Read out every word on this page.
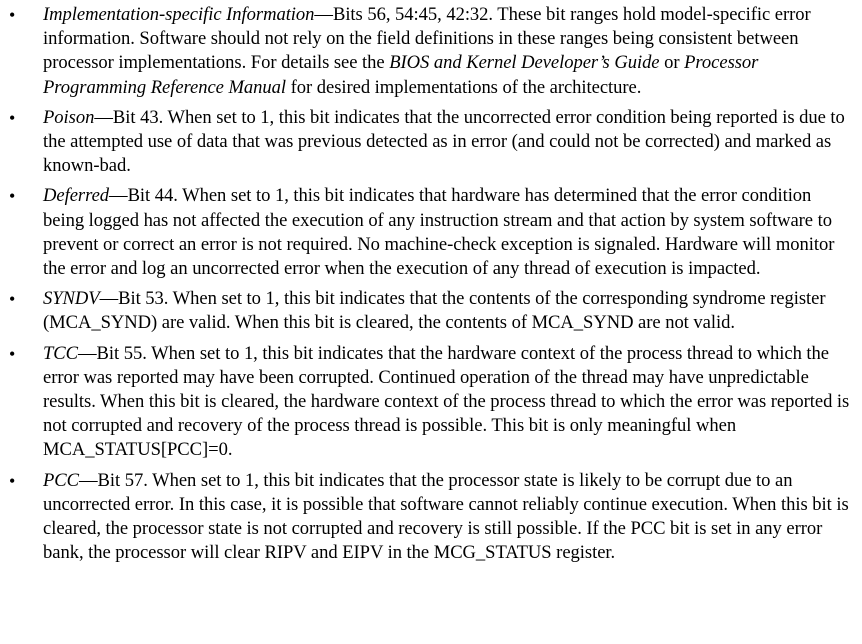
• Implementation-specific Information—Bits 56, 54:45, 42:32. These bit ranges hold model-specific error information. Software should not rely on the field definitions in these ranges being consistent between processor implementations. For details see the BIOS and Kernel Developer’s Guide or Processor Programming Reference Manual for desired implementations of the architecture.
• Poison—Bit 43. When set to 1, this bit indicates that the uncorrected error condition being reported is due to the attempted use of data that was previous detected as in error (and could not be corrected) and marked as known-bad.
• Deferred—Bit 44. When set to 1, this bit indicates that hardware has determined that the error condition being logged has not affected the execution of any instruction stream and that action by system software to prevent or correct an error is not required. No machine-check exception is signaled. Hardware will monitor the error and log an uncorrected error when the execution of any thread of execution is impacted.
• SYNDV—Bit 53. When set to 1, this bit indicates that the contents of the corresponding syndrome register (MCA_SYND) are valid. When this bit is cleared, the contents of MCA_SYND are not valid.
• TCC—Bit 55. When set to 1, this bit indicates that the hardware context of the process thread to which the error was reported may have been corrupted. Continued operation of the thread may have unpredictable results. When this bit is cleared, the hardware context of the process thread to which the error was reported is not corrupted and recovery of the process thread is possible. This bit is only meaningful when MCA_STATUS[PCC]=0.
• PCC—Bit 57. When set to 1, this bit indicates that the processor state is likely to be corrupt due to an uncorrected error. In this case, it is possible that software cannot reliably continue execution. When this bit is cleared, the processor state is not corrupted and recovery is still possible. If the PCC bit is set in any error bank, the processor will clear RIPV and EIPV in the MCG_STATUS register.
